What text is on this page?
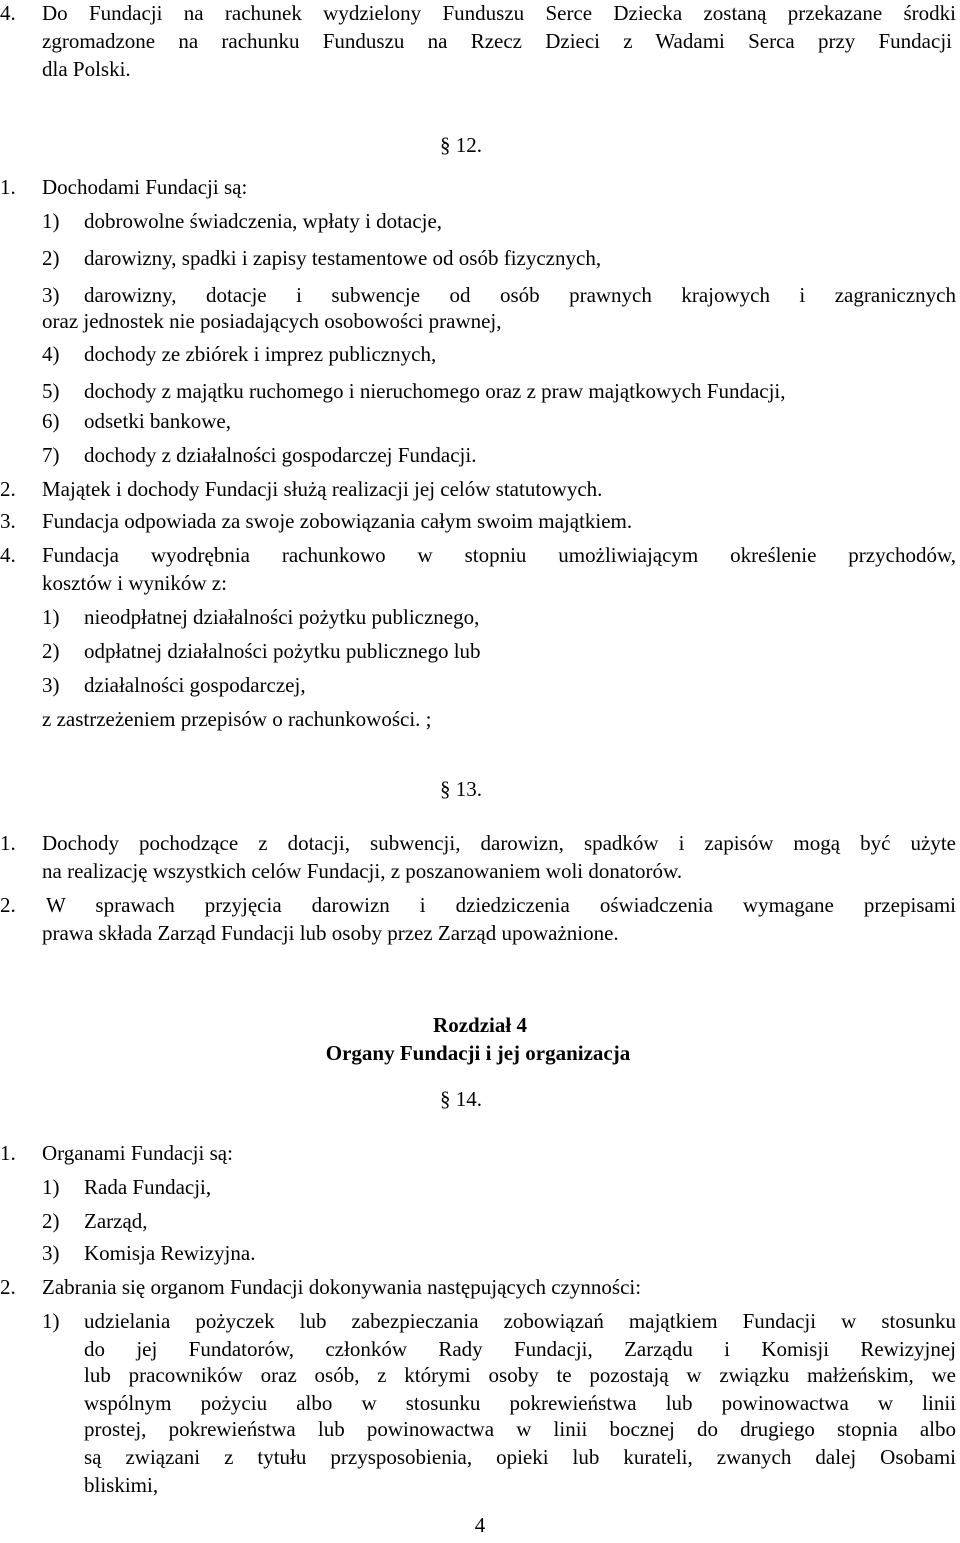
4. Do Fundacji na rachunek wydzielony Funduszu Serce Dziecka zostaną przekazane środki

zgromadzone na rachunku Funduszu na Rzecz Dzieci z Wadami Serca przy Fundacji

dla Polski.

§ 12.

1. Dochodami Fundacji są:

1) dobrowolne świadczenia, wpłaty i dotacje,

2) darowizny, spadki i zapisy testamentowe od osób fizycznych,

3) darowizny, dotacje i subwencje od osób prawnych krajowych i zagranicznych

oraz jednostek nie posiadających osobowości prawnej,

4) dochody ze zbiórek i imprez publicznych,

5) dochody z majątku ruchomego i nieruchomego oraz z praw majątkowych Fundacji,

6) odsetki bankowe,

7) dochody z działalności gospodarczej Fundacji.

2. Majątek i dochody Fundacji służą realizacji jej celów statutowych.

3. Fundacja odpowiada za swoje zobowiązania całym swoim majątkiem.

4. Fundacja wyodrębnia rachunkowo w stopniu umożliwiającym określenie przychodów,

kosztów i wyników z:

1) nieodpłatnej działalności pożytku publicznego,

2) odpłatnej działalności pożytku publicznego lub

3) działalności gospodarczej,

z zastrzeżeniem przepisów o rachunkowości. ;

§ 13.

1. Dochody pochodzące z dotacji, subwencji, darowizn, spadków i zapisów mogą być użyte

na realizację wszystkich celów Fundacji, z poszanowaniem woli donatorów.

2. W sprawach przyjęcia darowizn i dziedziczenia oświadczenia wymagane przepisami

prawa składa Zarząd Fundacji lub osoby przez Zarząd upoważnione.

Rozdział 4

Organy Fundacji i jej organizacja

§ 14.

1. Organami Fundacji są:

1) Rada Fundacji,

2) Zarząd,

3) Komisja Rewizyjna.

2. Zabrania się organom Fundacji dokonywania następujących czynności:

1) udzielania pożyczek lub zabezpieczania zobowiązań majątkiem Fundacji w stosunku

do jej Fundatorów, członków Rady Fundacji, Zarządu i Komisji Rewizyjnej

lub pracowników oraz osób, z którymi osoby te pozostają w związku małżeńskim, we

wspólnym pożyciu albo w stosunku pokrewieństwa lub powinowactwa w linii

prostej, pokrewieństwa lub powinowactwa w linii bocznej do drugiego stopnia albo

są związani z tytułu przysposobienia, opieki lub kurateli, zwanych dalej Osobami

bliskimi,

4
